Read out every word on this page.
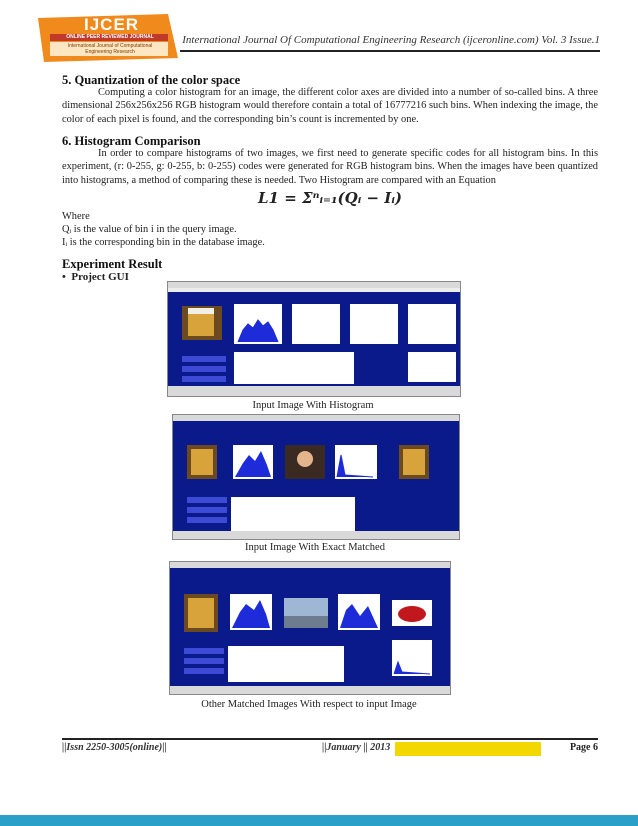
IJCER
ONLINE PEER REVIEWED JOURNAL
International Journal of Computational
Engineering Research
International Journal Of Computational Engineering Research (ijceronline.com) Vol. 3 Issue.1
5. Quantization of the color space
Computing a color histogram for an image, the different color axes are divided into a number of so-called bins. A three dimensional 256x256x256 RGB histogram would therefore contain a total of 16777216 such bins. When indexing the image, the color of each pixel is found, and the corresponding bin’s count is incremented by one.
6. Histogram Comparison
In order to compare histograms of two images, we first need to generate specific codes for all histogram bins. In this experiment, (r: 0-255, g: 0-255, b: 0-255) codes were generated for RGB histogram bins. When the images have been quantized into histograms, a method of comparing these is needed. Two Histogram are compared with an Equation
L1 = Σⁿᵢ₌₁(Qᵢ − Iᵢ)
Where
Qᵢ is the value of bin i in the query image.
Iᵢ is the corresponding bin in the database image.
Experiment Result
•  Project GUI
Input Image With Histogram
Input Image With Exact Matched
Other Matched Images With respect to input Image
||Issn 2250-3005(online)||	||January || 2013	Page 6
